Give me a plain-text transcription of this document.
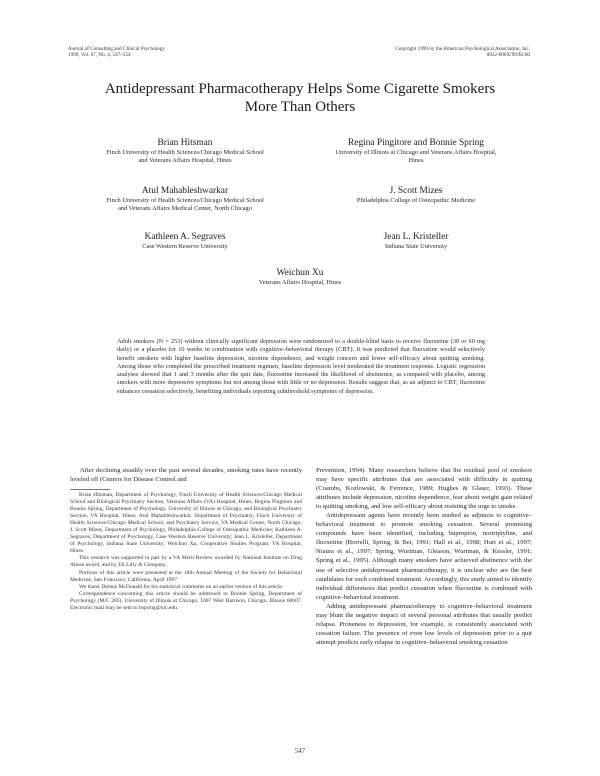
Journal of Consulting and Clinical Psychology
1999, Vol. 67, No. 4, 547–554
Copyright 1999 by the American Psychological Association, Inc.
0022-006X/99/$3.00
Antidepressant Pharmacotherapy Helps Some Cigarette Smokers
More Than Others
Brian Hitsman
Finch University of Health Sciences/Chicago Medical School
and Veterans Affairs Hospital, Hines
Regina Pingitore and Bonnie Spring
University of Illinois at Chicago and Veterans Affairs Hospital,
Hines
Atul Mahableshwarkar
Finch University of Health Sciences/Chicago Medical School
and Veterans Affairs Medical Center, North Chicago
J. Scott Mizes
Philadelphia College of Osteopathic Medicine
Kathleen A. Segraves
Case Western Reserve University
Jean L. Kristeller
Indiana State University
Weichun Xu
Veterans Affairs Hospital, Hines
Adult smokers (N = 253) without clinically significant depression were randomized to a double-blind basis to receive fluoxetine (30 or 60 mg daily) or a placebo for 10 weeks in combination with cognitive–behavioral therapy (CBT). It was predicted that fluoxetine would selectively benefit smokers with higher baseline depression, nicotine dependence, and weight concern and lower self-efficacy about quitting smoking. Among those who completed the prescribed treatment regimen, baseline depression level moderated the treatment response. Logistic regression analyses showed that 1 and 3 months after the quit date, fluoxetine increased the likelihood of abstinence, as compared with placebo, among smokers with more depressive symptoms but not among those with little or no depression. Results suggest that, as an adjunct to CBT, fluoxetine enhances cessation selectively, benefiting individuals reporting subthreshold symptoms of depression.

After declining steadily over the past several decades, smoking rates have recently leveled off (Centers for Disease Control and

Brian Hitsman, Department of Psychology, Finch University of Health Sciences/Chicago Medical School and Biological Psychiatry Section, Veterans Affairs (VA) Hospital, Hines; Regina Pingitore and Bonnie Spring, Department of Psychology, University of Illinois at Chicago, and Biological Psychiatry Section, VA Hospital, Hines; Atul Mahableshwarkar, Department of Psychiatry, Finch University of Health Sciences/Chicago Medical School, and Psychiatry Service, VA Medical Center, North Chicago; J. Scott Mizes, Department of Psychology, Philadelphia College of Osteopathic Medicine; Kathleen A. Segraves, Department of Psychology, Case Western Reserve University; Jean L. Kristeller, Department of Psychology, Indiana State University; Weichun Xu, Cooperative Studies Program, VA Hospital, Hines.

This research was supported in part by a VA Merit Review awarded by National Institute on Drug Abuse award, and by Eli Lilly & Company.

Portions of this article were presented at the 18th Annual Meeting of the Society for Behavioral Medicine, San Francisco, California, April 1997.

We thank Dennis McDonald for his statistical comments on an earlier version of this article.

Correspondence concerning this article should be addressed to Bonnie Spring, Department of Psychology (M/C 285), University of Illinois at Chicago, 1007 West Harrison, Chicago, Illinois 60607. Electronic mail may be sent to bspring@uic.edu.

Prevention, 1994). Many researchers believe that the residual pool of smokers may have specific attributes that are associated with difficulty in quitting (Coambs, Kozlowski, & Ferrence, 1989; Hughes & Glaser, 1993). These attributes include depression, nicotine dependence, fear about weight gain related to quitting smoking, and low self-efficacy about resisting the urge to smoke.

Antidepressant agents have recently been studied as adjuncts to cognitive–behavioral treatment to promote smoking cessation. Several promising compounds have been identified, including bupropion, nortriptyline, and fluoxetine (Borrelli, Spring, & Bet, 1991; Hall et al., 1998; Hurt et al., 1997; Niaura et al., 1997; Spring, Wurtman, Gleason, Wurtman, & Kessler, 1991; Spring et al., 1995). Although many smokers have achieved abstinence with the use of selective antidepressant pharmacotherapy, it is unclear who are the best candidates for such combined treatment. Accordingly, this study aimed to identify individual differences that predict cessation when fluoxetine is combined with cognitive–behavioral treatment.

Adding antidepressant pharmacotherapy to cognitive–behavioral treatment may blunt the negative impact of several personal attributes that usually predict relapse. Proneness to depression, for example, is consistently associated with cessation failure. The presence of even low levels of depression prior to a quit attempt predicts early relapse in cognitive–behavioral smoking cessation

547
